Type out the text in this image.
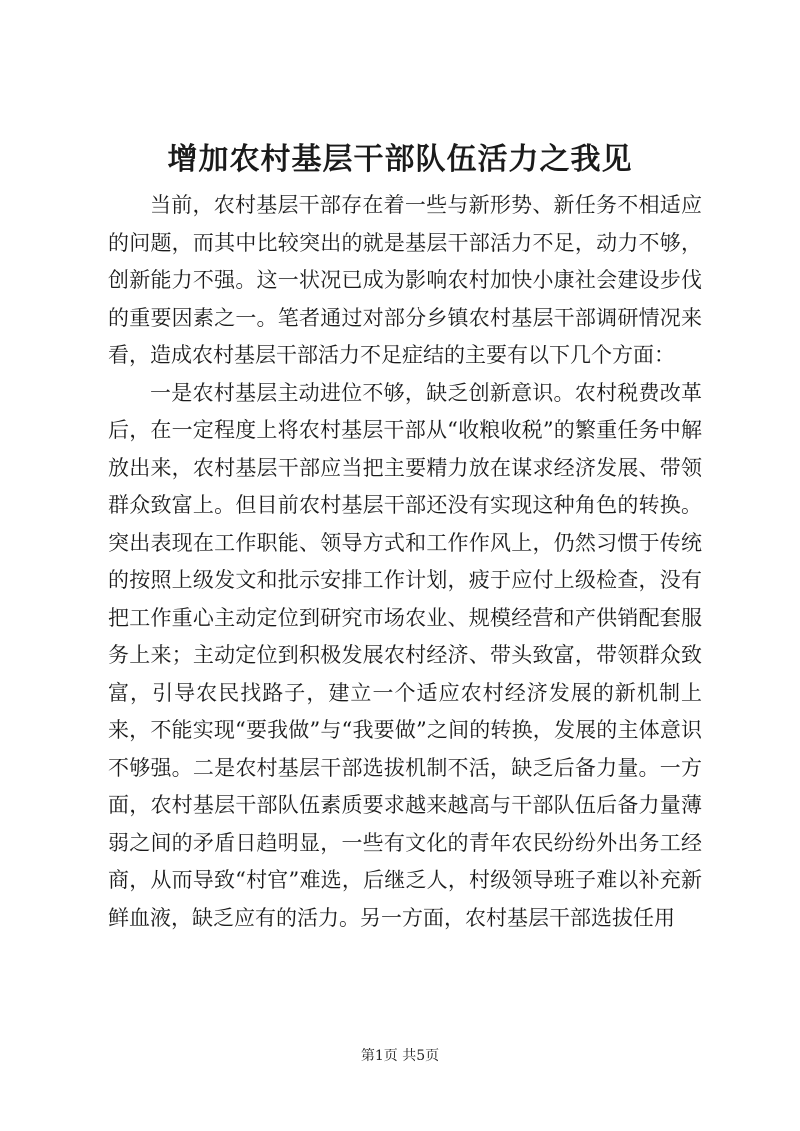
增加农村基层干部队伍活力之我见

当前，农村基层干部存在着一些与新形势、新任务不相适应的问题，而其中比较突出的就是基层干部活力不足，动力不够，创新能力不强。这一状况已成为影响农村加快小康社会建设步伐的重要因素之一。笔者通过对部分乡镇农村基层干部调研情况来看，造成农村基层干部活力不足症结的主要有以下几个方面：

一是农村基层主动进位不够，缺乏创新意识。农村税费改革后，在一定程度上将农村基层干部从“收粮收税”的繁重任务中解放出来，农村基层干部应当把主要精力放在谋求经济发展、带领群众致富上。但目前农村基层干部还没有实现这种角色的转换。突出表现在工作职能、领导方式和工作作风上，仍然习惯于传统的按照上级发文和批示安排工作计划，疲于应付上级检查，没有把工作重心主动定位到研究市场农业、规模经营和产供销配套服务上来；主动定位到积极发展农村经济、带头致富，带领群众致富，引导农民找路子，建立一个适应农村经济发展的新机制上来，不能实现“要我做”与“我要做”之间的转换，发展的主体意识不够强。二是农村基层干部选拔机制不活，缺乏后备力量。一方面，农村基层干部队伍素质要求越来越高与干部队伍后备力量薄弱之间的矛盾日趋明显，一些有文化的青年农民纷纷外出务工经商，从而导致“村官”难选，后继乏人，村级领导班子难以补充新鲜血液，缺乏应有的活力。另一方面，农村基层干部选拔任用

第1页 共5页
